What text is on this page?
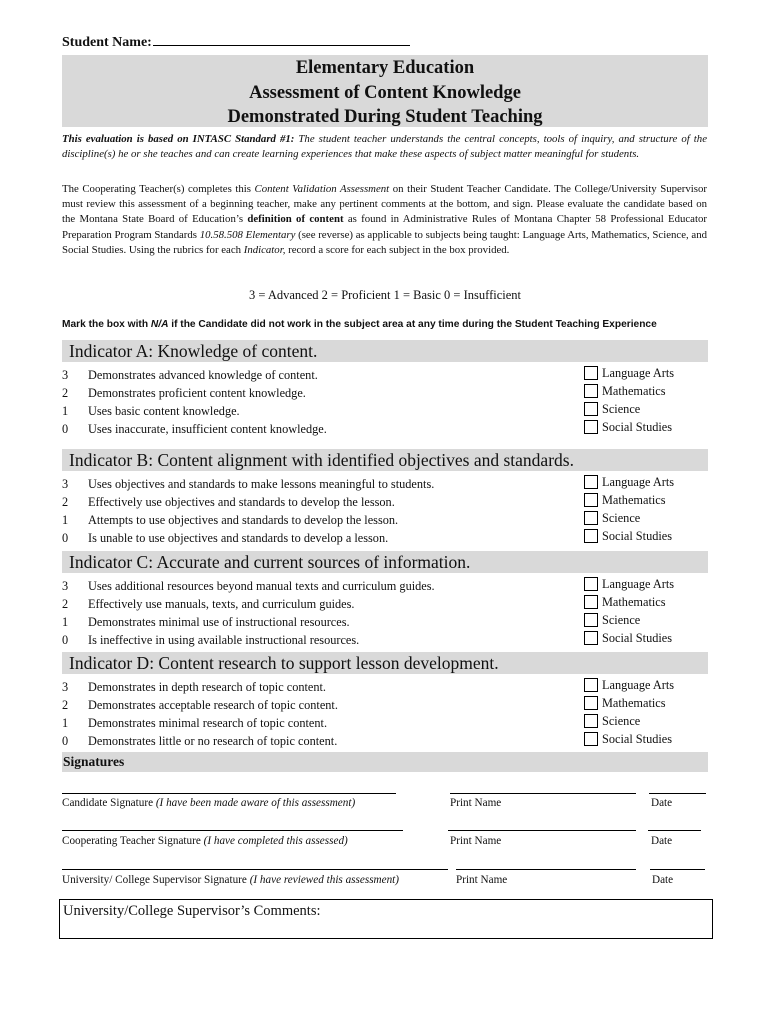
Student Name:
Elementary Education
Assessment of Content Knowledge
Demonstrated During Student Teaching
This evaluation is based on INTASC Standard #1: The student teacher understands the central concepts, tools of inquiry, and structure of the discipline(s) he or she teaches and can create learning experiences that make these aspects of subject matter meaningful for students.
The Cooperating Teacher(s) completes this Content Validation Assessment on their Student Teacher Candidate. The College/University Supervisor must review this assessment of a beginning teacher, make any pertinent comments at the bottom, and sign. Please evaluate the candidate based on the Montana State Board of Education’s definition of content as found in Administrative Rules of Montana Chapter 58 Professional Educator Preparation Program Standards 10.58.508 Elementary (see reverse) as applicable to subjects being taught: Language Arts, Mathematics, Science, and Social Studies. Using the rubrics for each Indicator, record a score for each subject in the box provided.
3 = Advanced 2 = Proficient 1 = Basic 0 = Insufficient
Mark the box with N/A if the Candidate did not work in the subject area at any time during the Student Teaching Experience
Indicator A: Knowledge of content.
3 Demonstrates advanced knowledge of content.
2 Demonstrates proficient content knowledge.
1 Uses basic content knowledge.
0 Uses inaccurate, insufficient content knowledge.
Language Arts
Mathematics
Science
Social Studies
Indicator B: Content alignment with identified objectives and standards.
3 Uses objectives and standards to make lessons meaningful to students.
2 Effectively use objectives and standards to develop the lesson.
1 Attempts to use objectives and standards to develop the lesson.
0 Is unable to use objectives and standards to develop a lesson.
Language Arts
Mathematics
Science
Social Studies
Indicator C: Accurate and current sources of information.
3 Uses additional resources beyond manual texts and curriculum guides.
2 Effectively use manuals, texts, and curriculum guides.
1 Demonstrates minimal use of instructional resources.
0 Is ineffective in using available instructional resources.
Language Arts
Mathematics
Science
Social Studies
Indicator D: Content research to support lesson development.
3 Demonstrates in depth research of topic content.
2 Demonstrates acceptable research of topic content.
1 Demonstrates minimal research of topic content.
0 Demonstrates little or no research of topic content.
Language Arts
Mathematics
Science
Social Studies
Signatures
Candidate Signature (I have been made aware of this assessment)	Print Name	Date
Cooperating Teacher Signature (I have completed this assessed)	Print Name	Date
University/ College Supervisor Signature (I have reviewed this assessment)	Print Name	Date
University/College Supervisor’s Comments:
